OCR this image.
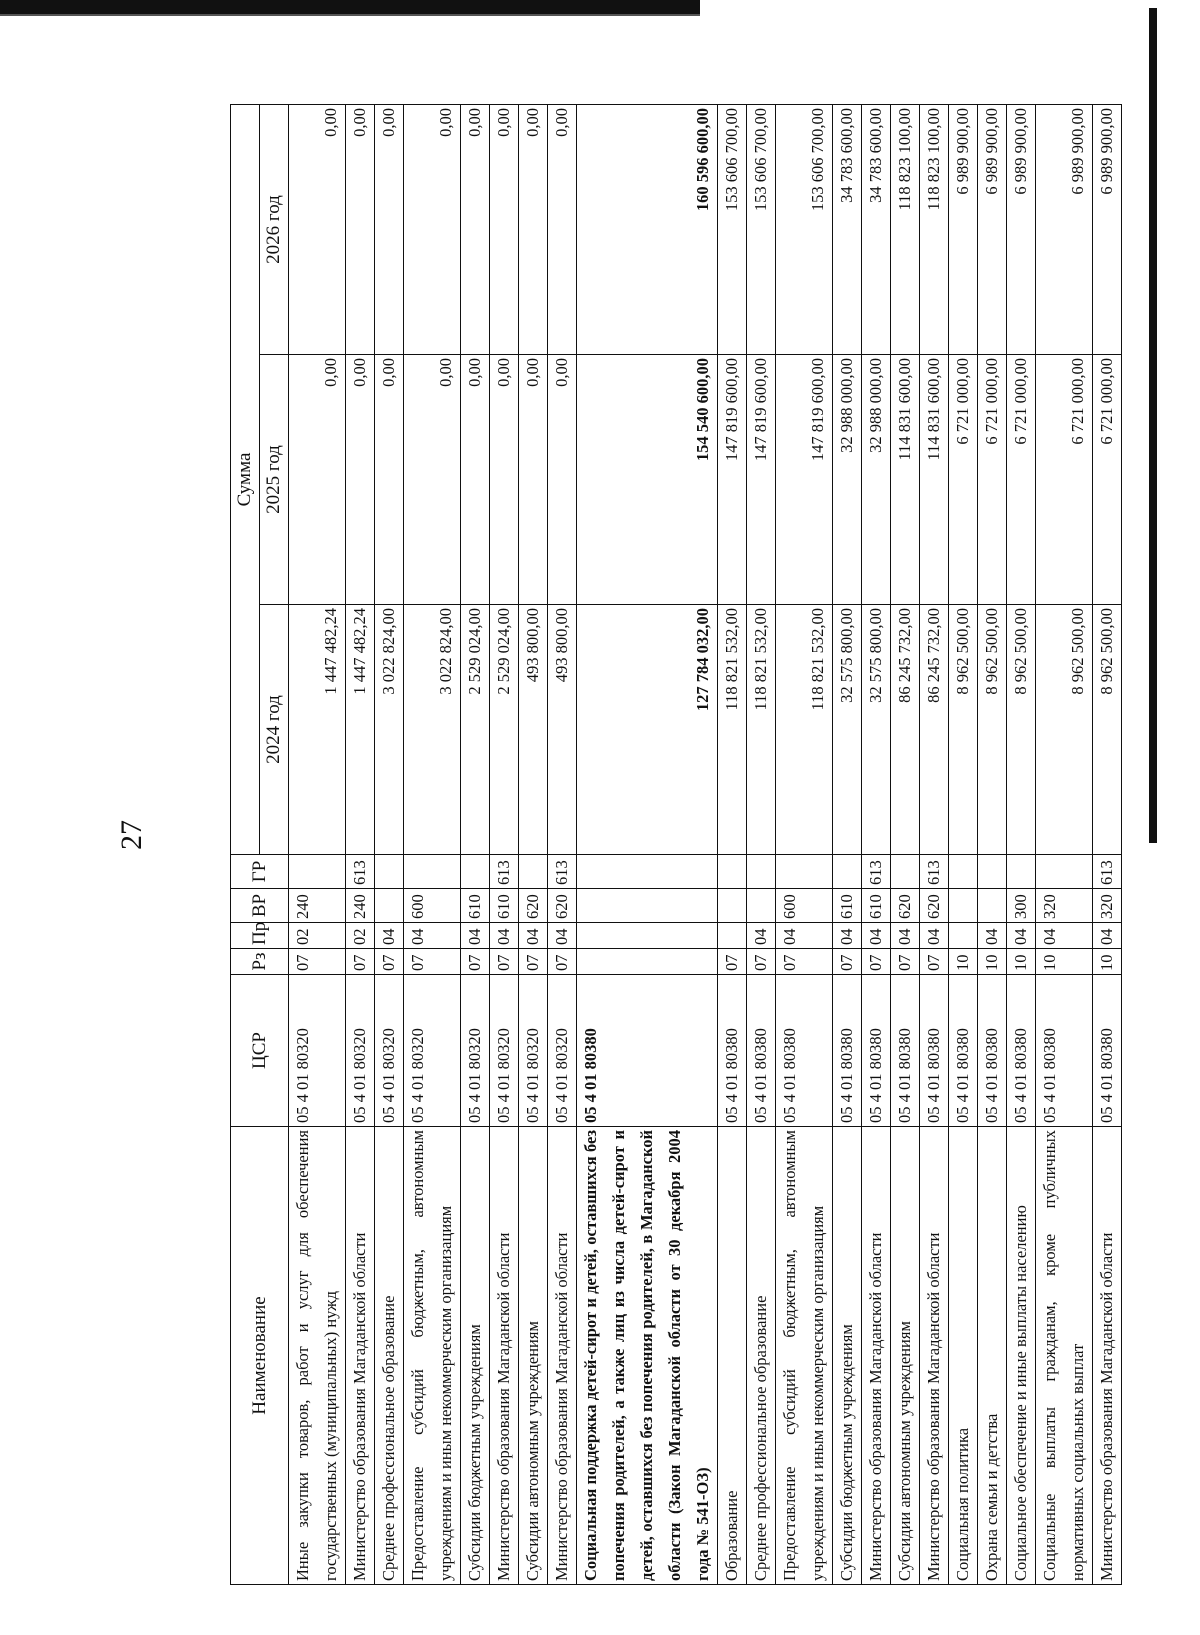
27
Наименование	ЦСР	Рз	Пр	ВР	ГР	Сумма		
						2024 год	2025 год	2026 год
Иные закупки товаров, работ и услуг для обеспечения государственных (муниципальных) нужд	05 4 01 80320	07	02	240		1 447 482,24	0,00	0,00
Министерство образования Магаданской области	05 4 01 80320	07	02	240	613	1 447 482,24	0,00	0,00
Среднее профессиональное образование	05 4 01 80320	07	04			3 022 824,00	0,00	0,00
Предоставление субсидий бюджетным, автономным учреждениям и иным некоммерческим организациям	05 4 01 80320	07	04	600		3 022 824,00	0,00	0,00
Субсидии бюджетным учреждениям	05 4 01 80320	07	04	610		2 529 024,00	0,00	0,00
Министерство образования Магаданской области	05 4 01 80320	07	04	610	613	2 529 024,00	0,00	0,00
Субсидии автономным учреждениям	05 4 01 80320	07	04	620		493 800,00	0,00	0,00
Министерство образования Магаданской области	05 4 01 80320	07	04	620	613	493 800,00	0,00	0,00
Социальная поддержка детей-сирот и детей, оставшихся без попечения родителей, а также лиц из числа детей-сирот и детей, оставшихся без попечения родителей, в Магаданской области (Закон Магаданской области от 30 декабря 2004 года № 541-ОЗ)	05 4 01 80380					127 784 032,00	154 540 600,00	160 596 600,00
Образование	05 4 01 80380	07				118 821 532,00	147 819 600,00	153 606 700,00
Среднее профессиональное образование	05 4 01 80380	07	04			118 821 532,00	147 819 600,00	153 606 700,00
Предоставление субсидий бюджетным, автономным учреждениям и иным некоммерческим организациям	05 4 01 80380	07	04	600		118 821 532,00	147 819 600,00	153 606 700,00
Субсидии бюджетным учреждениям	05 4 01 80380	07	04	610		32 575 800,00	32 988 000,00	34 783 600,00
Министерство образования Магаданской области	05 4 01 80380	07	04	610	613	32 575 800,00	32 988 000,00	34 783 600,00
Субсидии автономным учреждениям	05 4 01 80380	07	04	620		86 245 732,00	114 831 600,00	118 823 100,00
Министерство образования Магаданской области	05 4 01 80380	07	04	620	613	86 245 732,00	114 831 600,00	118 823 100,00
Социальная политика	05 4 01 80380	10				8 962 500,00	6 721 000,00	6 989 900,00
Охрана семьи и детства	05 4 01 80380	10	04			8 962 500,00	6 721 000,00	6 989 900,00
Социальное обеспечение и иные выплаты населению	05 4 01 80380	10	04	300		8 962 500,00	6 721 000,00	6 989 900,00
Социальные выплаты гражданам, кроме публичных нормативных социальных выплат	05 4 01 80380	10	04	320		8 962 500,00	6 721 000,00	6 989 900,00
Министерство образования Магаданской области	05 4 01 80380	10	04	320	613	8 962 500,00	6 721 000,00	6 989 900,00
